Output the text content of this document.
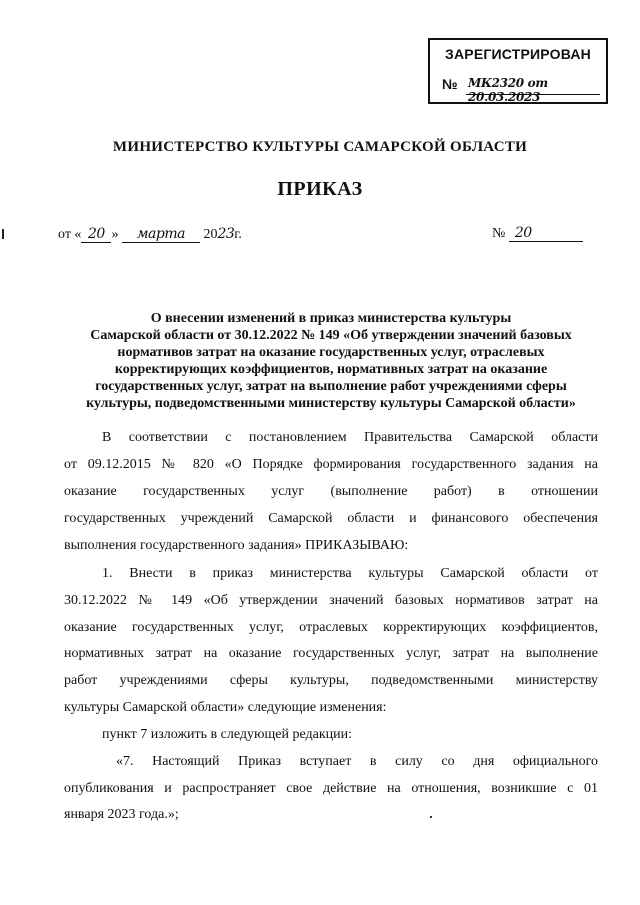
ЗАРЕГИСТРИРОВАН
№ МК2320 от 20.03.2023
МИНИСТЕРСТВО КУЛЬТУРЫ САМАРСКОЙ ОБЛАСТИ
ПРИКАЗ
от « 20 » марта 2023г.	№ 20
О внесении изменений в приказ министерства культуры
Самарской области от 30.12.2022 № 149 «Об утверждении значений базовых
нормативов затрат на оказание государственных услуг, отраслевых
корректирующих коэффициентов, нормативных затрат на оказание
государственных услуг, затрат на выполнение работ учреждениями сферы
культуры, подведомственными министерству культуры Самарской области»
В соответствии с постановлением Правительства Самарской области
от 09.12.2015 № 820 «О Порядке формирования государственного задания на
оказание государственных услуг (выполнение работ) в отношении
государственных учреждений Самарской области и финансового обеспечения
выполнения государственного задания» ПРИКАЗЫВАЮ:
1. Внести в приказ министерства культуры Самарской области от
30.12.2022 № 149 «Об утверждении значений базовых нормативов затрат на
оказание государственных услуг, отраслевых корректирующих коэффициентов,
нормативных затрат на оказание государственных услуг, затрат на выполнение
работ учреждениями сферы культуры, подведомственными министерству
культуры Самарской области» следующие изменения:
пункт 7 изложить в следующей редакции:
«7. Настоящий Приказ вступает в силу со дня официального
опубликования и распространяет свое действие на отношения, возникшие с 01
января 2023 года.»;
